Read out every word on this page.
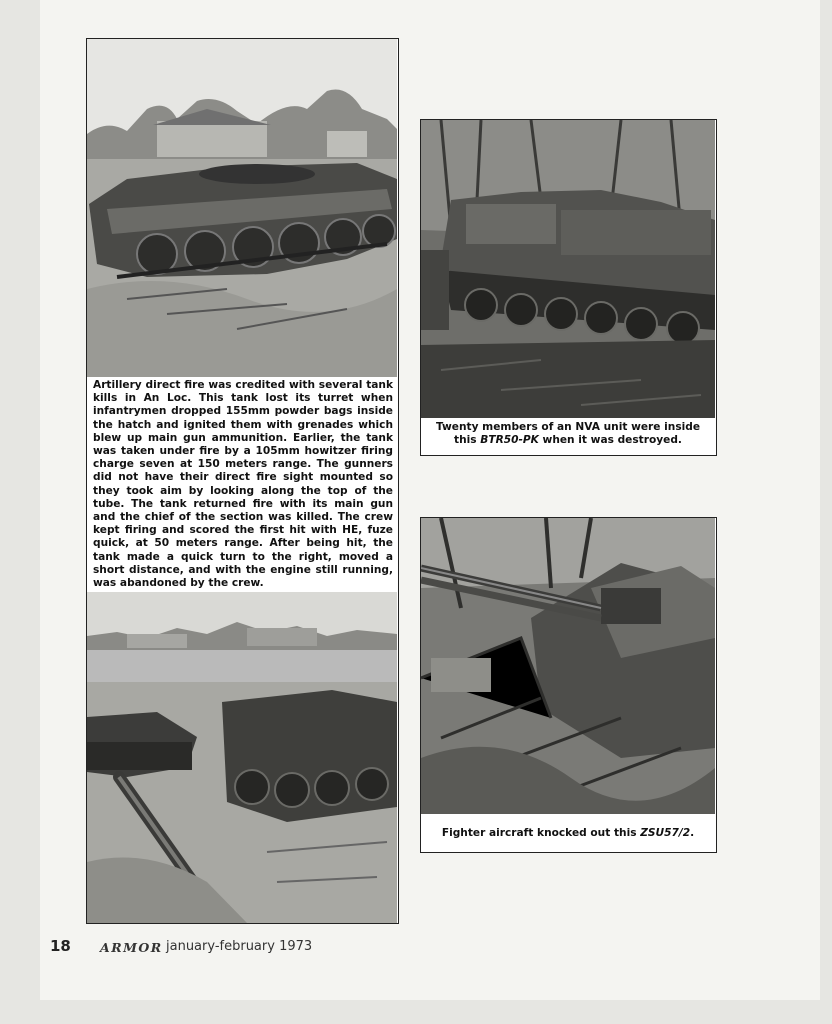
Artillery direct fire was credited with several tank kills in An Loc. This tank lost its turret when infantrymen dropped 155mm powder bags inside the hatch and ignited them with grenades which blew up main gun ammunition. Earlier, the tank was taken under fire by a 105mm howitzer firing charge seven at 150 meters range. The gunners did not have their direct fire sight mounted so they took aim by looking along the top of the tube. The tank returned fire with its main gun and the chief of the section was killed. The crew kept firing and scored the first hit with HE, fuze quick, at 50 meters range. After being hit, the tank made a quick turn to the right, moved a short distance, and with the engine still running, was abandoned by the crew.
Twenty members of an NVA unit were inside this BTR50-PK when it was destroyed.
Fighter aircraft knocked out this ZSU57/2.
18 ARMOR january-february 1973
